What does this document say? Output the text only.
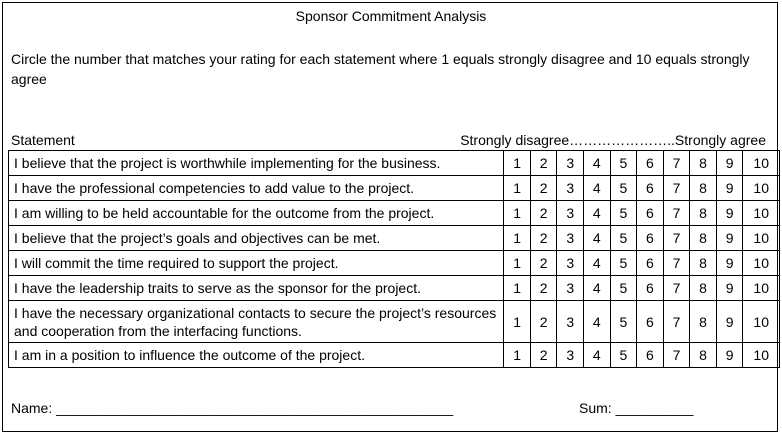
Sponsor Commitment Analysis
Circle the number that matches your rating for each statement where 1 equals strongly disagree and 10 equals strongly agree
Statement	Strongly disagree…………………..Strongly agree
I believe that the project is worthwhile implementing for the business.	1	2	3	4	5	6	7	8	9	10
I have the professional competencies to add value to the project.	1	2	3	4	5	6	7	8	9	10
I am willing to be held accountable for the outcome from the project.	1	2	3	4	5	6	7	8	9	10
I believe that the project’s goals and objectives can be met.	1	2	3	4	5	6	7	8	9	10
I will commit the time required to support the project.	1	2	3	4	5	6	7	8	9	10
I have the leadership traits to serve as the sponsor for the project.	1	2	3	4	5	6	7	8	9	10
I have the necessary organizational contacts to secure the project’s resources and cooperation from the interfacing functions.	1	2	3	4	5	6	7	8	9	10
I am in a position to influence the outcome of the project.	1	2	3	4	5	6	7	8	9	10
Name: ___________________________________________________	Sum: __________
